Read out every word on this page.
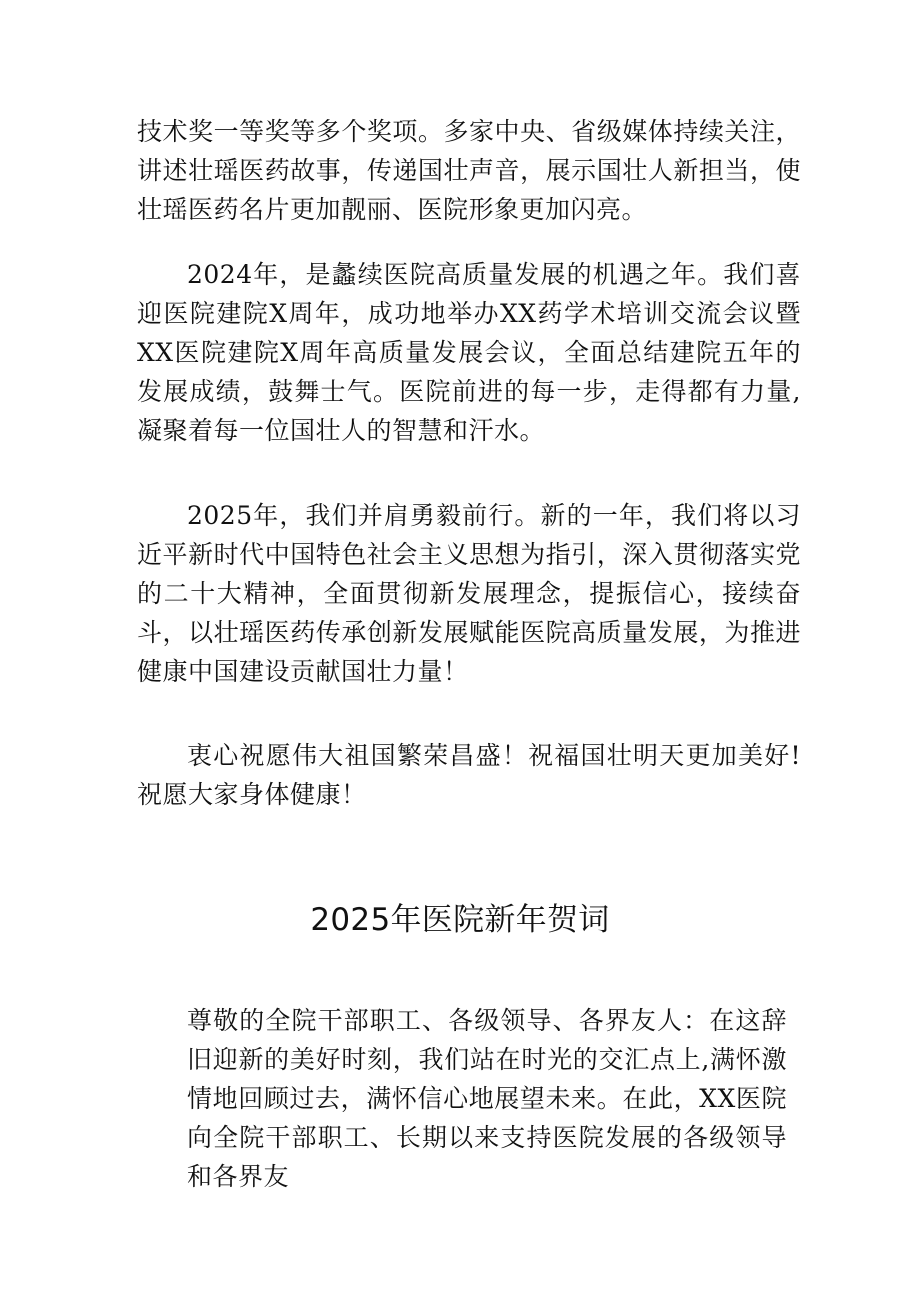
技术奖一等奖等多个奖项。多家中央、省级媒体持续关注，讲述壮瑶医药故事，传递国壮声音，展示国壮人新担当，使壮瑶医药名片更加靓丽、医院形象更加闪亮。

2024年，是蠡续医院高质量发展的机遇之年。我们喜迎医院建院X周年，成功地举办XX药学术培训交流会议暨XX医院建院X周年高质量发展会议，全面总结建院五年的发展成绩，鼓舞士气。医院前进的每一步，走得都有力量,凝聚着每一位国壮人的智慧和汗水。

2025年，我们并肩勇毅前行。新的一年，我们将以习近平新时代中国特色社会主义思想为指引，深入贯彻落实党的二十大精神，全面贯彻新发展理念，提振信心，接续奋斗，以壮瑶医药传承创新发展赋能医院高质量发展，为推进健康中国建设贡献国壮力量！

衷心祝愿伟大祖国繁荣昌盛！祝福国壮明天更加美好!祝愿大家身体健康！

2025年医院新年贺词

尊敬的全院干部职工、各级领导、各界友人：在这辞旧迎新的美好时刻，我们站在时光的交汇点上,满怀激情地回顾过去，满怀信心地展望未来。在此，XX医院向全院干部职工、长期以来支持医院发展的各级领导和各界友
